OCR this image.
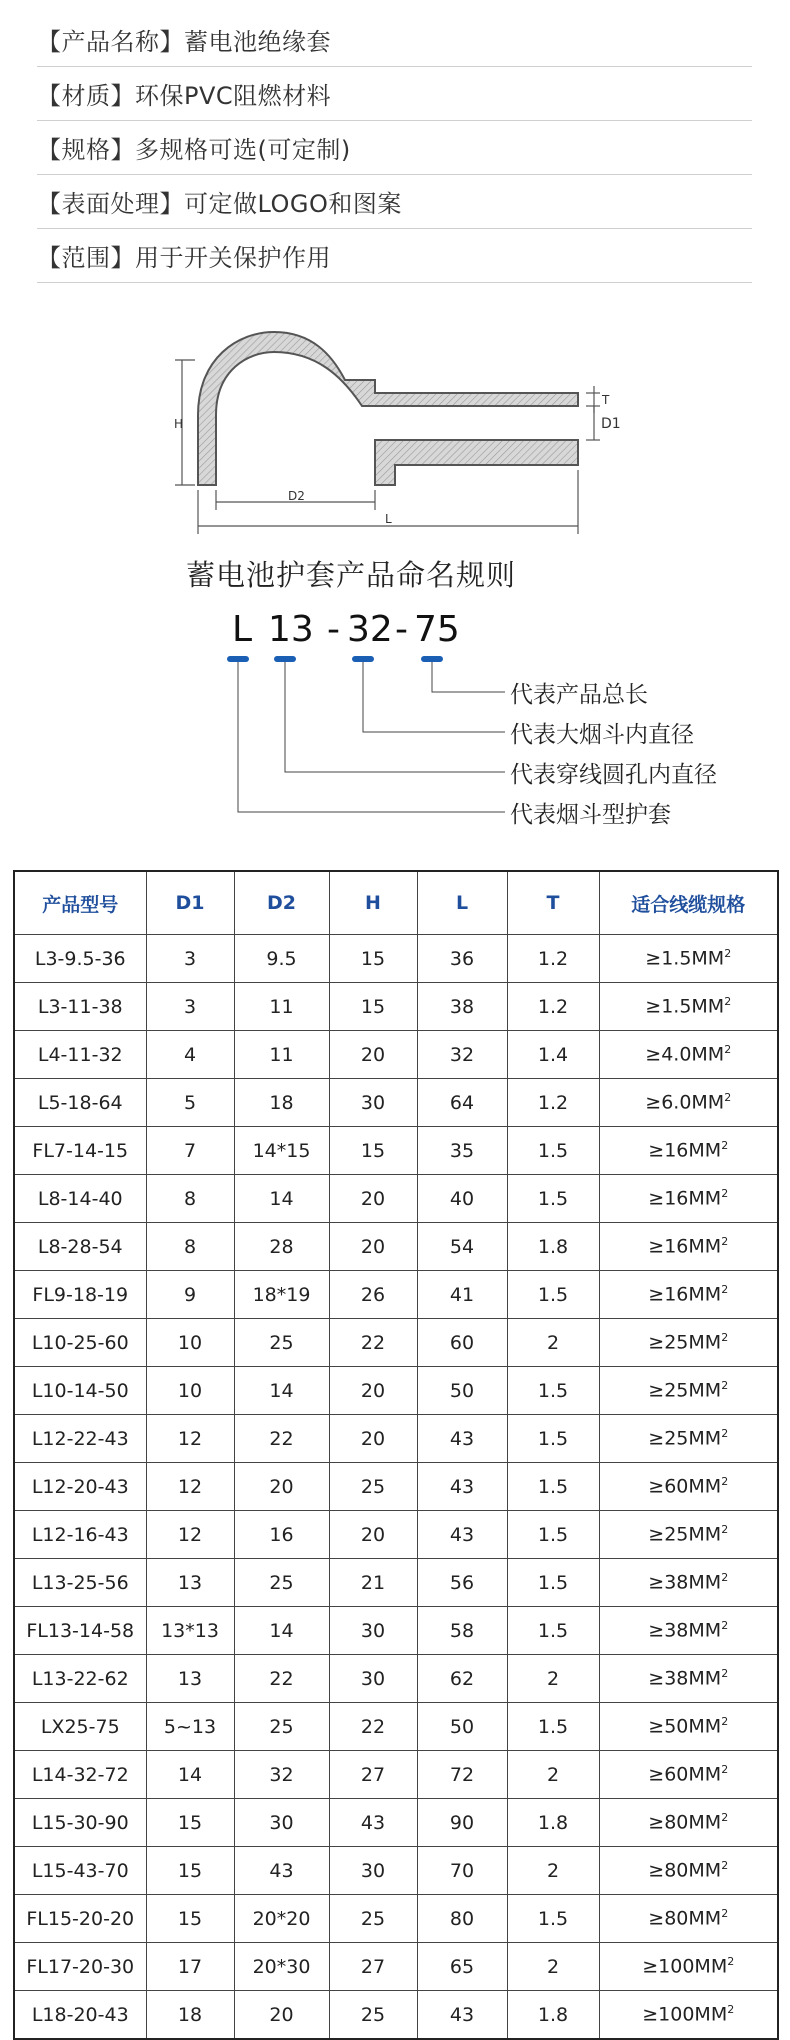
【产品名称】 蓄电池绝缘套
【材质】 环保PVC阻燃材料
【规格】 多规格可选(可定制)
【表面处理】 可定做LOGO和图案
【范围】 用于开关保护作用
H
T
D1
D2
L
蓄电池护套产品命名规则
L 13 - 32 - 75
代表产品总长
代表大烟斗内直径
代表穿线圆孔内直径
代表烟斗型护套
产品型号	D1	D2	H	L	T	适合线缆规格
L3-9.5-36	3	9.5	15	36	1.2	$\ge 1.5MM^2$
L3-11-38	3	11	15	38	1.2	$\ge 1.5MM^2$
L4-11-32	4	11	20	32	1.4	$\ge 4.0MM^2$
L5-18-64	5	18	30	64	1.2	$\ge 6.0MM^2$
FL7-14-15	7	14*15	15	35	1.5	$\ge 16MM^2$
L8-14-40	8	14	20	40	1.5	$\ge 16MM^2$
L8-28-54	8	28	20	54	1.8	$\ge 16MM^2$
FL9-18-19	9	18*19	26	41	1.5	$\ge 16MM^2$
L10-25-60	10	25	22	60	2	$\ge 25MM^2$
L10-14-50	10	14	20	50	1.5	$\ge 25MM^2$
L12-22-43	12	22	20	43	1.5	$\ge 25MM^2$
L12-20-43	12	20	25	43	1.5	$\ge 60MM^2$
L12-16-43	12	16	20	43	1.5	$\ge 25MM^2$
L13-25-56	13	25	21	56	1.5	$\ge 38MM^2$
FL13-14-58	13*13	14	30	58	1.5	$\ge 38MM^2$
L13-22-62	13	22	30	62	2	$\ge 38MM^2$
LX25-75	5~13	25	22	50	1.5	$\ge 50MM^2$
L14-32-72	14	32	27	72	2	$\ge 60MM^2$
L15-30-90	15	30	43	90	1.8	$\ge 80MM^2$
L15-43-70	15	43	30	70	2	$\ge 80MM^2$
FL15-20-20	15	20*20	25	80	1.5	$\ge 80MM^2$
FL17-20-30	17	20*30	27	65	2	$\ge 100MM^2$
L18-20-43	18	20	25	43	1.8	$\ge 100MM^2$
